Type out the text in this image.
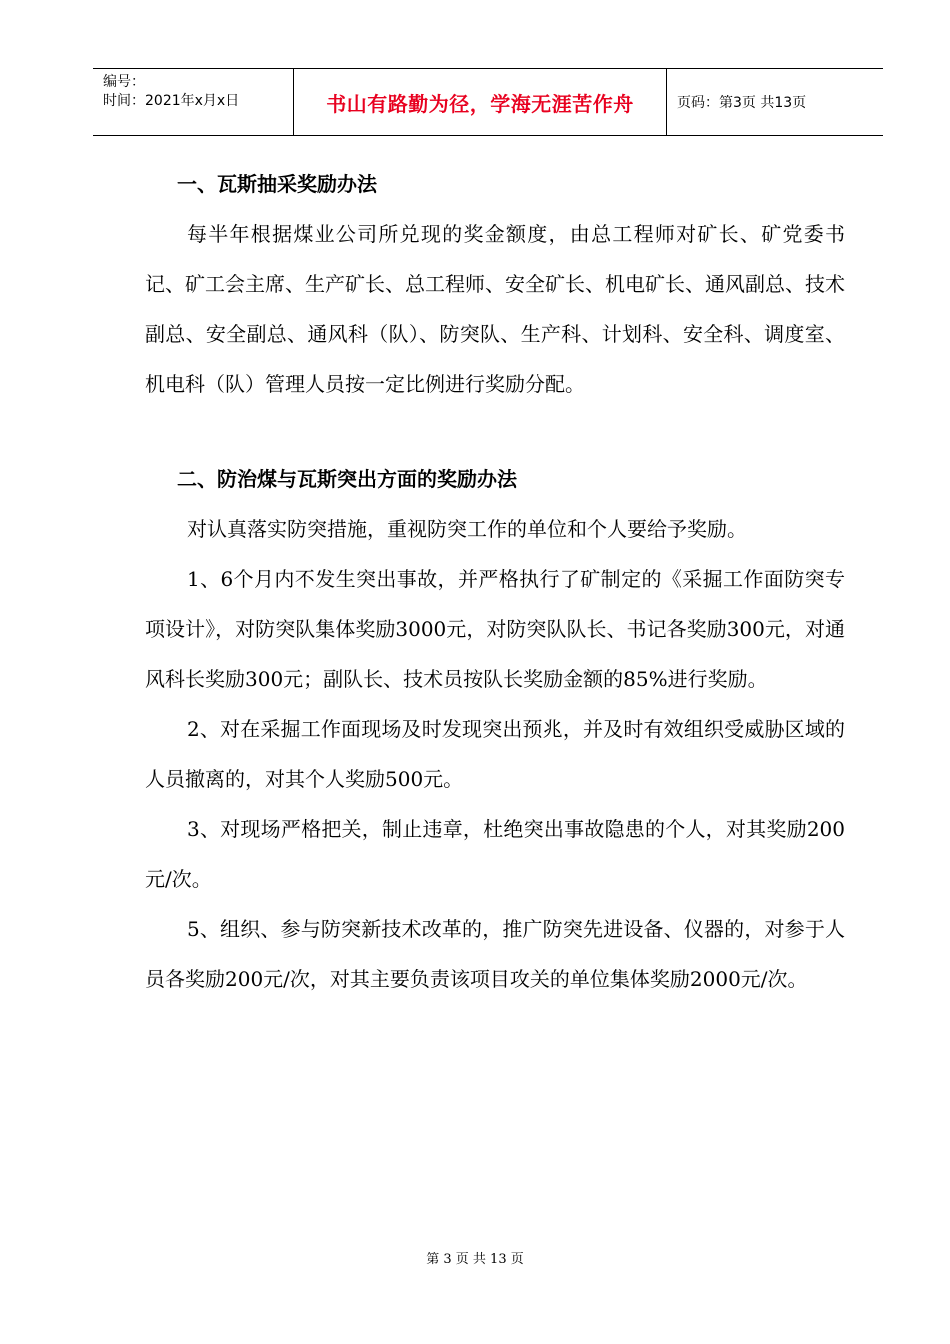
编号：
时间：2021年x月x日	书山有路勤为径，学海无涯苦作舟	页码：第3页 共13页
一、瓦斯抽采奖励办法

每半年根据煤业公司所兑现的奖金额度，由总工程师对矿长、矿党委书记、矿工会主席、生产矿长、总工程师、安全矿长、机电矿长、通风副总、技术副总、安全副总、通风科（队）、防突队、生产科、计划科、安全科、调度室、机电科（队）管理人员按一定比例进行奖励分配。

二、防治煤与瓦斯突出方面的奖励办法

对认真落实防突措施，重视防突工作的单位和个人要给予奖励。

1、6个月内不发生突出事故，并严格执行了矿制定的《采掘工作面防突专项设计》，对防突队集体奖励3000元，对防突队队长、书记各奖励300元，对通风科长奖励300元；副队长、技术员按队长奖励金额的85%进行奖励。

2、对在采掘工作面现场及时发现突出预兆，并及时有效组织受威胁区域的人员撤离的，对其个人奖励500元。

3、对现场严格把关，制止违章，杜绝突出事故隐患的个人，对其奖励200元/次。

5、组织、参与防突新技术改革的，推广防突先进设备、仪器的，对参于人员各奖励200元/次，对其主要负责该项目攻关的单位集体奖励2000元/次。

第 3 页 共 13 页
